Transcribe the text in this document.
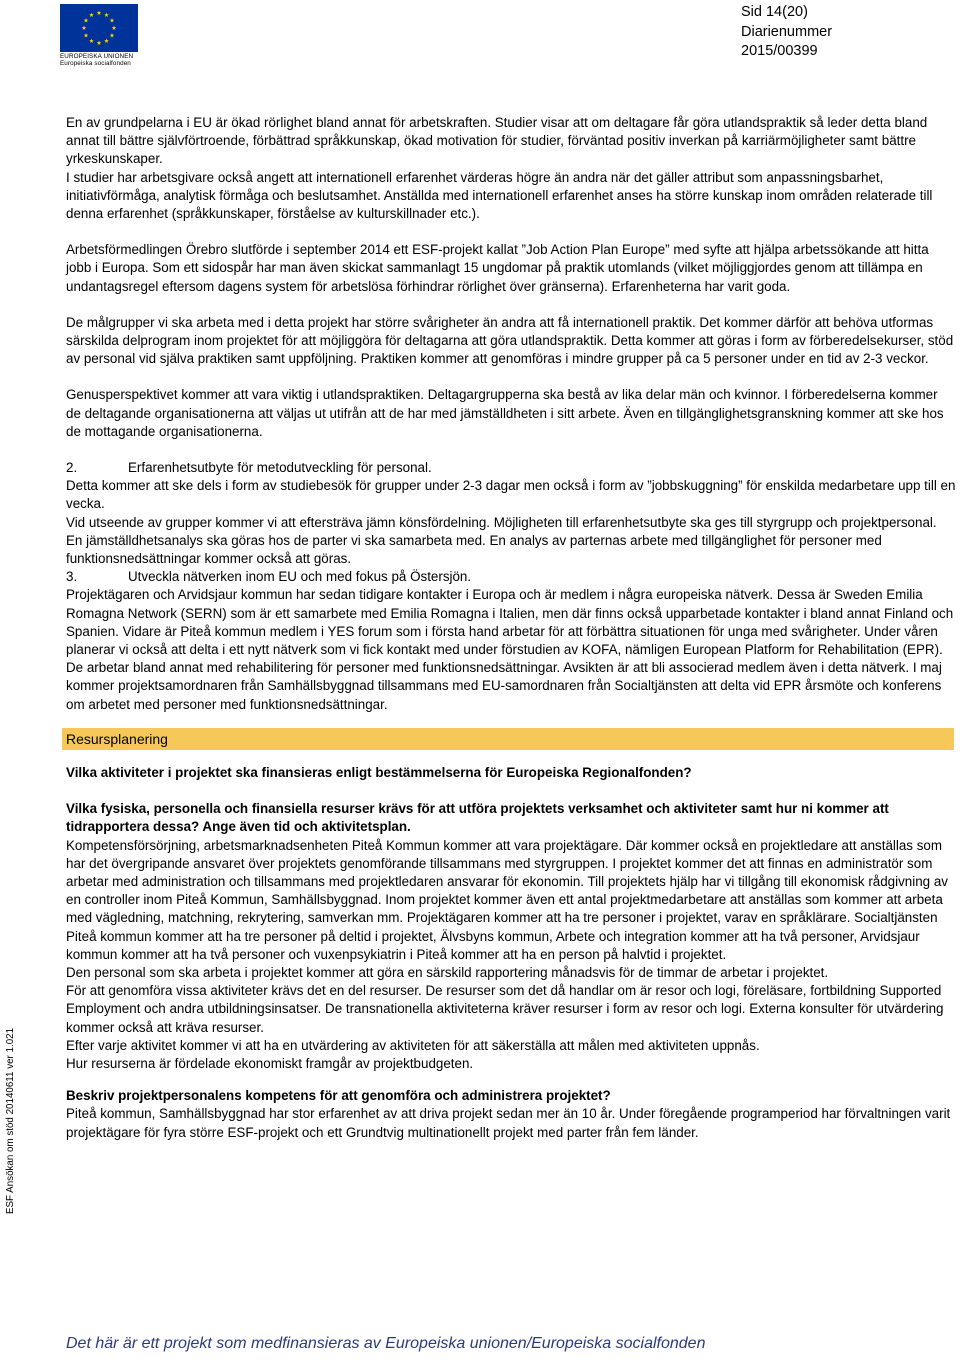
EUROPEISKA UNIONEN
Europeiska socialfonden
Sid 14(20)
Diarienummer
2015/00399
ESF Ansökan om stöd 20140611 ver 1.021

En av grundpelarna i EU är ökad rörlighet bland annat för arbetskraften. Studier visar att om deltagare får göra utlandspraktik så leder detta bland annat till bättre självförtroende, förbättrad språkkunskap, ökad motivation för studier, förväntad positiv inverkan på karriärmöjligheter samt bättre yrkeskunskaper.

I studier har arbetsgivare också angett att internationell erfarenhet värderas högre än andra när det gäller attribut som anpassningsbarhet, initiativförmåga, analytisk förmåga och beslutsamhet. Anställda med internationell erfarenhet anses ha större kunskap inom områden relaterade till denna erfarenhet (språkkunskaper, förståelse av kulturskillnader etc.).

Arbetsförmedlingen Örebro slutförde i september 2014 ett ESF-projekt kallat ”Job Action Plan Europe” med syfte att hjälpa arbetssökande att hitta jobb i Europa. Som ett sidospår har man även skickat sammanlagt 15 ungdomar på praktik utomlands (vilket möjliggjordes genom att tillämpa en undantagsregel eftersom dagens system för arbetslösa förhindrar rörlighet över gränserna). Erfarenheterna har varit goda.

De målgrupper vi ska arbeta med i detta projekt har större svårigheter än andra att få internationell praktik. Det kommer därför att behöva utformas särskilda delprogram inom projektet för att möjliggöra för deltagarna att göra utlandspraktik. Detta kommer att göras i form av förberedelsekurser, stöd av personal vid själva praktiken samt uppföljning. Praktiken kommer att genomföras i mindre grupper på ca 5 personer under en tid av 2-3 veckor.

Genusperspektivet kommer att vara viktig i utlandspraktiken. Deltagargrupperna ska bestå av lika delar män och kvinnor. I förberedelserna kommer de deltagande organisationerna att väljas ut utifrån att de har med jämställdheten i sitt arbete. Även en tillgänglighetsgranskning kommer att ske hos de mottagande organisationerna.

2.	Erfarenhetsutbyte för metodutveckling för personal.

Detta kommer att ske dels i form av studiebesök för grupper under 2-3 dagar men också i form av ”jobbskuggning” för enskilda medarbetare upp till en vecka.

Vid utseende av grupper kommer vi att eftersträva jämn könsfördelning. Möjligheten till erfarenhetsutbyte ska ges till styrgrupp och projektpersonal. En jämställdhetsanalys ska göras hos de parter vi ska samarbeta med. En analys av parternas arbete med tillgänglighet för personer med funktionsnedsättningar kommer också att göras.

3.	Utveckla nätverken inom EU och med fokus på Östersjön.

Projektägaren och Arvidsjaur kommun har sedan tidigare kontakter i Europa och är medlem i några europeiska nätverk. Dessa är Sweden Emilia Romagna Network (SERN) som är ett samarbete med Emilia Romagna i Italien, men där finns också upparbetade kontakter i bland annat Finland och Spanien. Vidare är Piteå kommun medlem i YES forum som i första hand arbetar för att förbättra situationen för unga med svårigheter. Under våren planerar vi också att delta i ett nytt nätverk som vi fick kontakt med under förstudien av KOFA, nämligen European Platform for Rehabilitation (EPR). De arbetar bland annat med rehabilitering för personer med funktionsnedsättningar. Avsikten är att bli associerad medlem även i detta nätverk. I maj kommer projektsamordnaren från Samhällsbyggnad tillsammans med EU-samordnaren från Socialtjänsten att delta vid EPR årsmöte och konferens om arbetet med personer med funktionsnedsättningar.

Resursplanering

Vilka aktiviteter i projektet ska finansieras enligt bestämmelserna för Europeiska Regionalfonden?

Vilka fysiska, personella och finansiella resurser krävs för att utföra projektets verksamhet och aktiviteter samt hur ni kommer att tidrapportera dessa? Ange även tid och aktivitetsplan.

Kompetensförsörjning, arbetsmarknadsenheten Piteå Kommun kommer att vara projektägare. Där kommer också en projektledare att anställas som har det övergripande ansvaret över projektets genomförande tillsammans med styrgruppen. I projektet kommer det att finnas en administratör som arbetar med administration och tillsammans med projektledaren ansvarar för ekonomin. Till projektets hjälp har vi tillgång till ekonomisk rådgivning av en controller inom Piteå Kommun, Samhällsbyggnad. Inom projektet kommer även ett antal projektmedarbetare att anställas som kommer att arbeta med vägledning, matchning, rekrytering, samverkan mm. Projektägaren kommer att ha tre personer i projektet, varav en språklärare. Socialtjänsten Piteå kommun kommer att ha tre personer på deltid i projektet, Älvsbyns kommun, Arbete och integration kommer att ha två personer, Arvidsjaur kommun kommer att ha två personer och vuxenpsykiatrin i Piteå kommer att ha en person på halvtid i projektet.

Den personal som ska arbeta i projektet kommer att göra en särskild rapportering månadsvis för de timmar de arbetar i projektet.

För att genomföra vissa aktiviteter krävs det en del resurser. De resurser som det då handlar om är resor och logi, föreläsare, fortbildning Supported Employment och andra utbildningsinsatser. De transnationella aktiviteterna kräver resurser i form av resor och logi. Externa konsulter för utvärdering kommer också att kräva resurser.

Efter varje aktivitet kommer vi att ha en utvärdering av aktiviteten för att säkerställa att målen med aktiviteten uppnås.

Hur resurserna är fördelade ekonomiskt framgår av projektbudgeten.

Beskriv projektpersonalens kompetens för att genomföra och administrera projektet?

Piteå kommun, Samhällsbyggnad har stor erfarenhet av att driva projekt sedan mer än 10 år. Under föregående programperiod har förvaltningen varit projektägare för fyra större ESF-projekt och ett Grundtvig multinationellt projekt med parter från fem länder.

Det här är ett projekt som medfinansieras av Europeiska unionen/Europeiska socialfonden
